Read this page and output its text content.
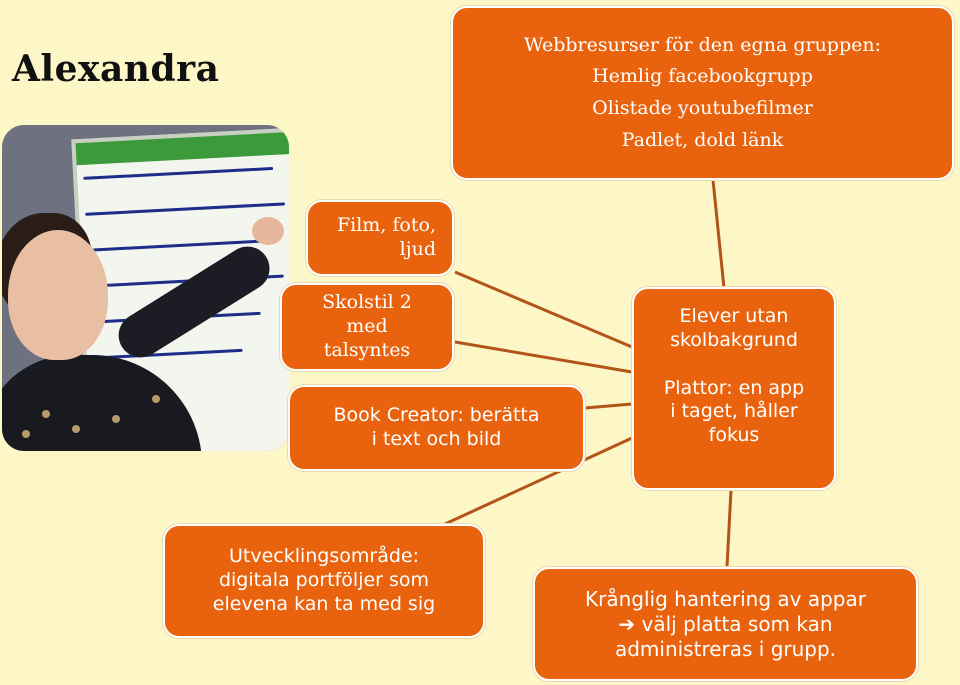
Alexandra
Webbresurser för den egna gruppen:
Hemlig facebookgrupp
Olistade youtubefilmer
Padlet, dold länk
Film, foto,
ljud
Skolstil 2
med
talsyntes
Book Creator: berätta
i text och bild
Elever utan
skolbakgrund
Plattor: en app
i taget, håller
fokus
Utvecklingsområde:
digitala portföljer som
elevena kan ta med sig	Krånglig hantering av appar
➔ välj platta som kan
administreras i grupp.
